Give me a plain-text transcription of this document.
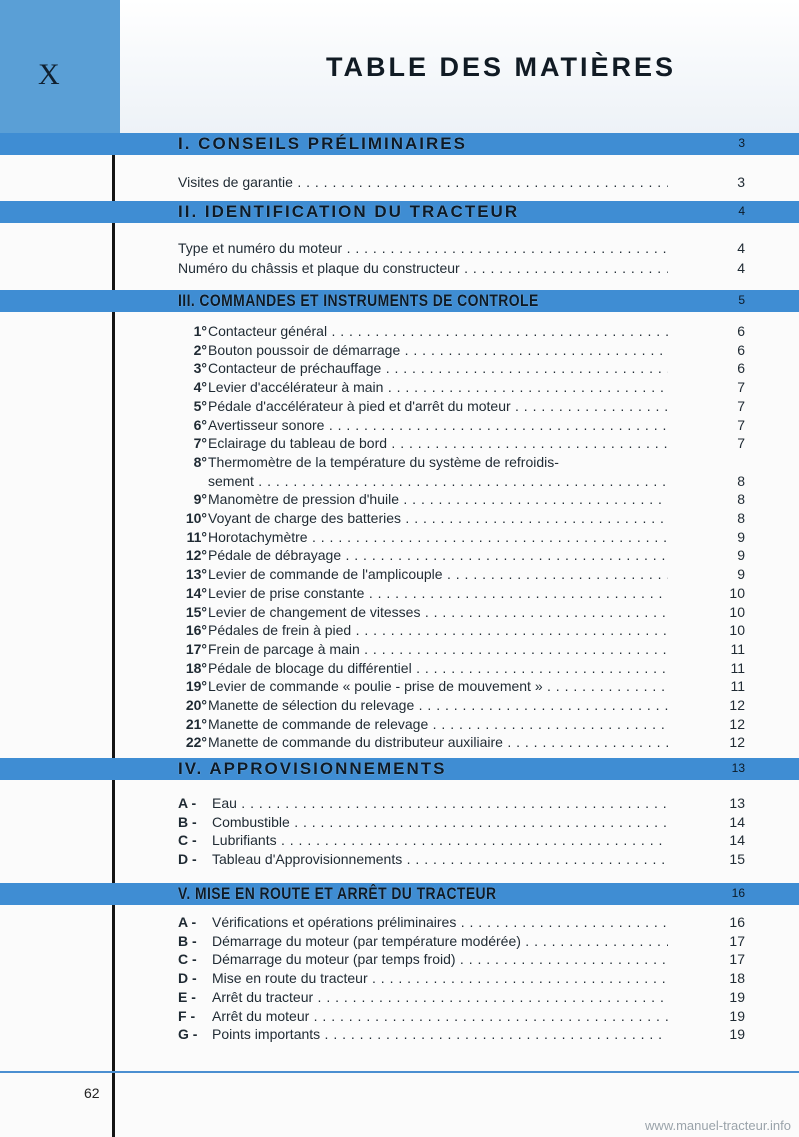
X	TABLE DES MATIÈRES
I. CONSEILS PRÉLIMINAIRES	3
Visites de garantie . . .	3
II. IDENTIFICATION DU TRACTEUR	4
Type et numéro du moteur . . .	4
Numéro du châssis et plaque du constructeur . . .	4
III. COMMANDES ET INSTRUMENTS DE CONTROLE	5
1° Contacteur général . . .	6
2° Bouton poussoir de démarrage . . .	6
3° Contacteur de préchauffage . . .	6
4° Levier d'accélérateur à main . . .	7
5° Pédale d'accélérateur à pied et d'arrêt du moteur . . .	7
6° Avertisseur sonore . . .	7
7° Eclairage du tableau de bord . . .	7
8° Thermomètre de la température du système de refroidis-
sement . . .	8
9° Manomètre de pression d'huile . . .	8
10° Voyant de charge des batteries . . .	8
11° Horotachymètre . . .	9
12° Pédale de débrayage . . .	9
13° Levier de commande de l'amplicouple . . .	9
14° Levier de prise constante . . .	10
15° Levier de changement de vitesses . . .	10
16° Pédales de frein à pied . . .	10
17° Frein de parcage à main . . .	11
18° Pédale de blocage du différentiel . . .	11
19° Levier de commande « poulie - prise de mouvement » . . .	11
20° Manette de sélection du relevage . . .	12
21° Manette de commande de relevage . . .	12
22° Manette de commande du distributeur auxiliaire . . .	12
IV. APPROVISIONNEMENTS	13
A - Eau . . .	13
B - Combustible . . .	14
C - Lubrifiants . . .	14
D - Tableau d'Approvisionnements . . .	15
V. MISE EN ROUTE ET ARRÊT DU TRACTEUR	16
A - Vérifications et opérations préliminaires . . .	16
B - Démarrage du moteur (par température modérée) . . .	17
C - Démarrage du moteur (par temps froid) . . .	17
D - Mise en route du tracteur . . .	18
E - Arrêt du tracteur . . .	19
F - Arrêt du moteur . . .	19
G - Points importants . . .	19
62
www.manuel-tracteur.info
